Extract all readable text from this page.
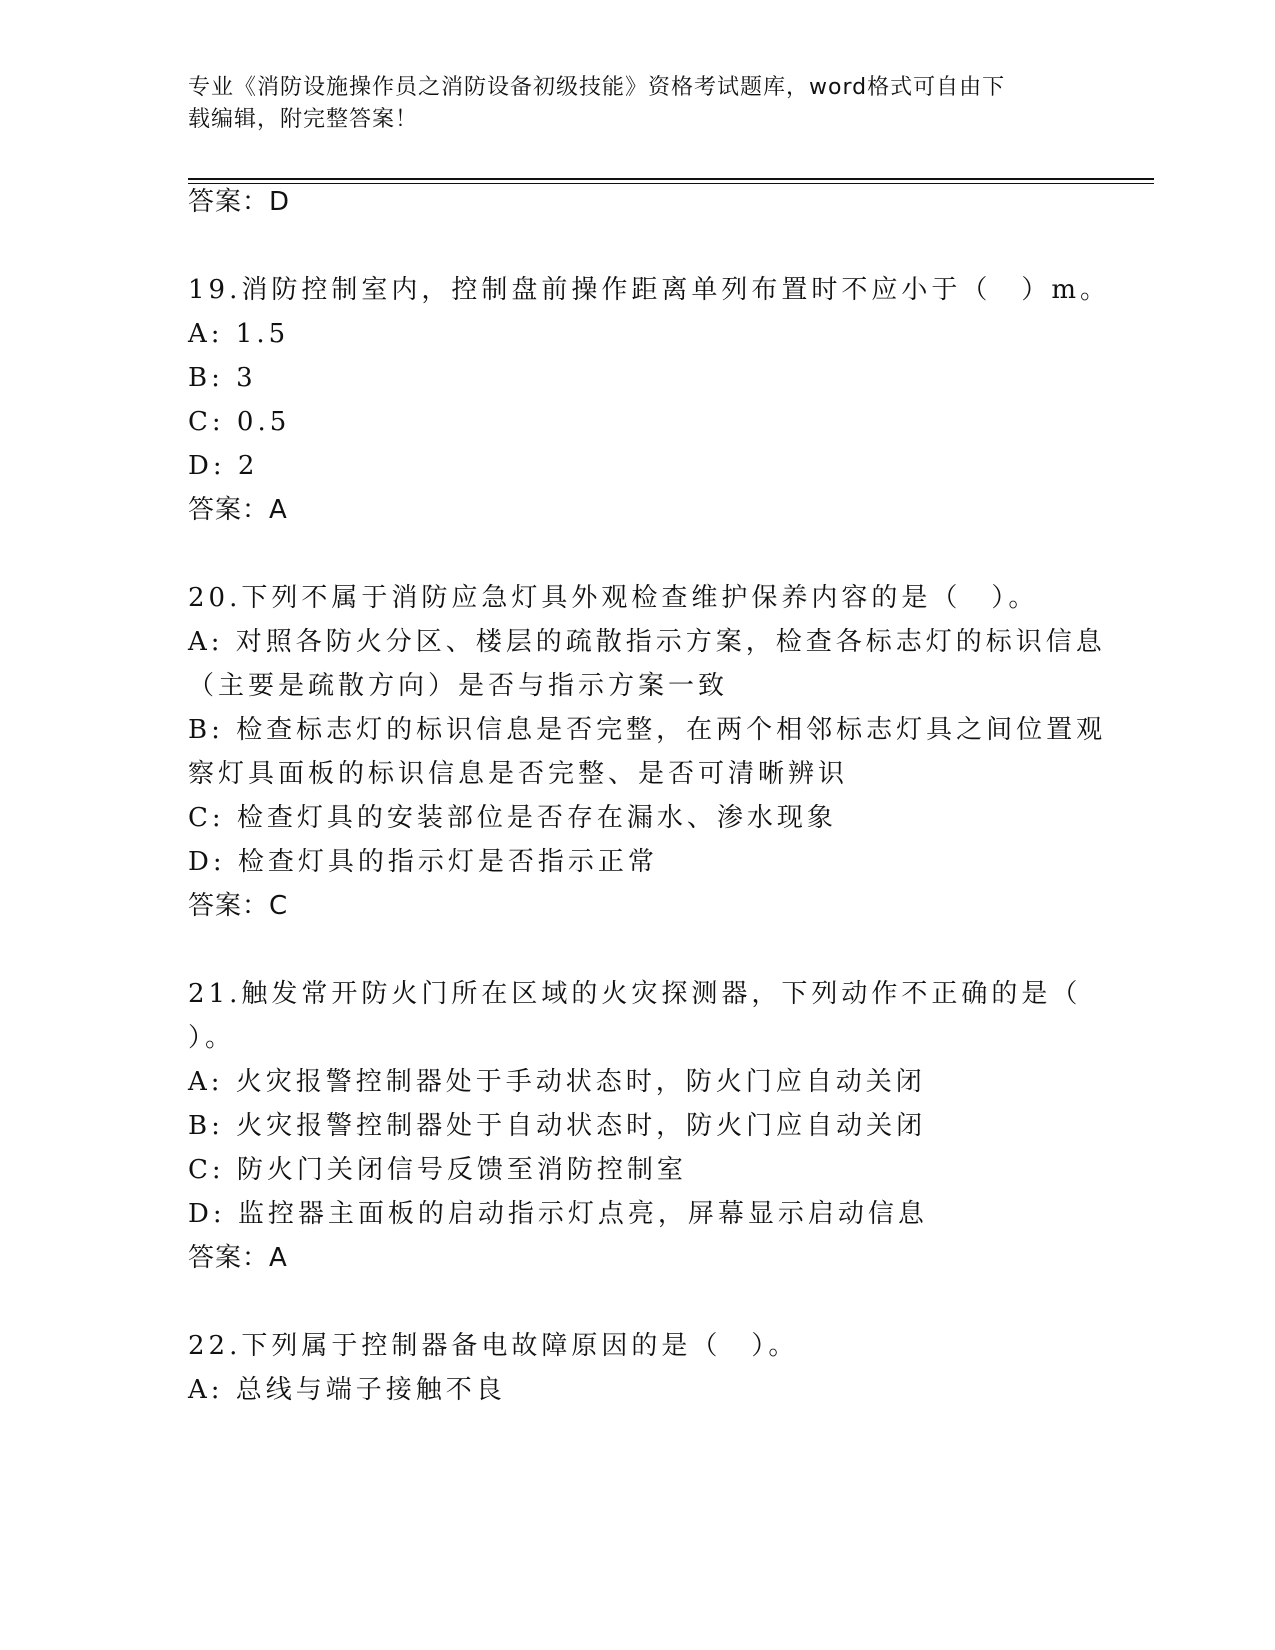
专业《消防设施操作员之消防设备初级技能》资格考试题库，word格式可自由下
载编辑，附完整答案！
答案：D
19.消防控制室内，控制盘前操作距离单列布置时不应小于（　）m。
A: 1.5
B: 3
C: 0.5
D: 2
答案：A
20.下列不属于消防应急灯具外观检查维护保养内容的是（　）。
A: 对照各防火分区、楼层的疏散指示方案，检查各标志灯的标识信息
（主要是疏散方向）是否与指示方案一致
B: 检查标志灯的标识信息是否完整，在两个相邻标志灯具之间位置观
察灯具面板的标识信息是否完整、是否可清晰辨识
C: 检查灯具的安装部位是否存在漏水、渗水现象
D: 检查灯具的指示灯是否指示正常
答案：C
21.触发常开防火门所在区域的火灾探测器，下列动作不正确的是（
）。
A: 火灾报警控制器处于手动状态时，防火门应自动关闭
B: 火灾报警控制器处于自动状态时，防火门应自动关闭
C: 防火门关闭信号反馈至消防控制室
D: 监控器主面板的启动指示灯点亮，屏幕显示启动信息
答案：A
22.下列属于控制器备电故障原因的是（　）。
A: 总线与端子接触不良
